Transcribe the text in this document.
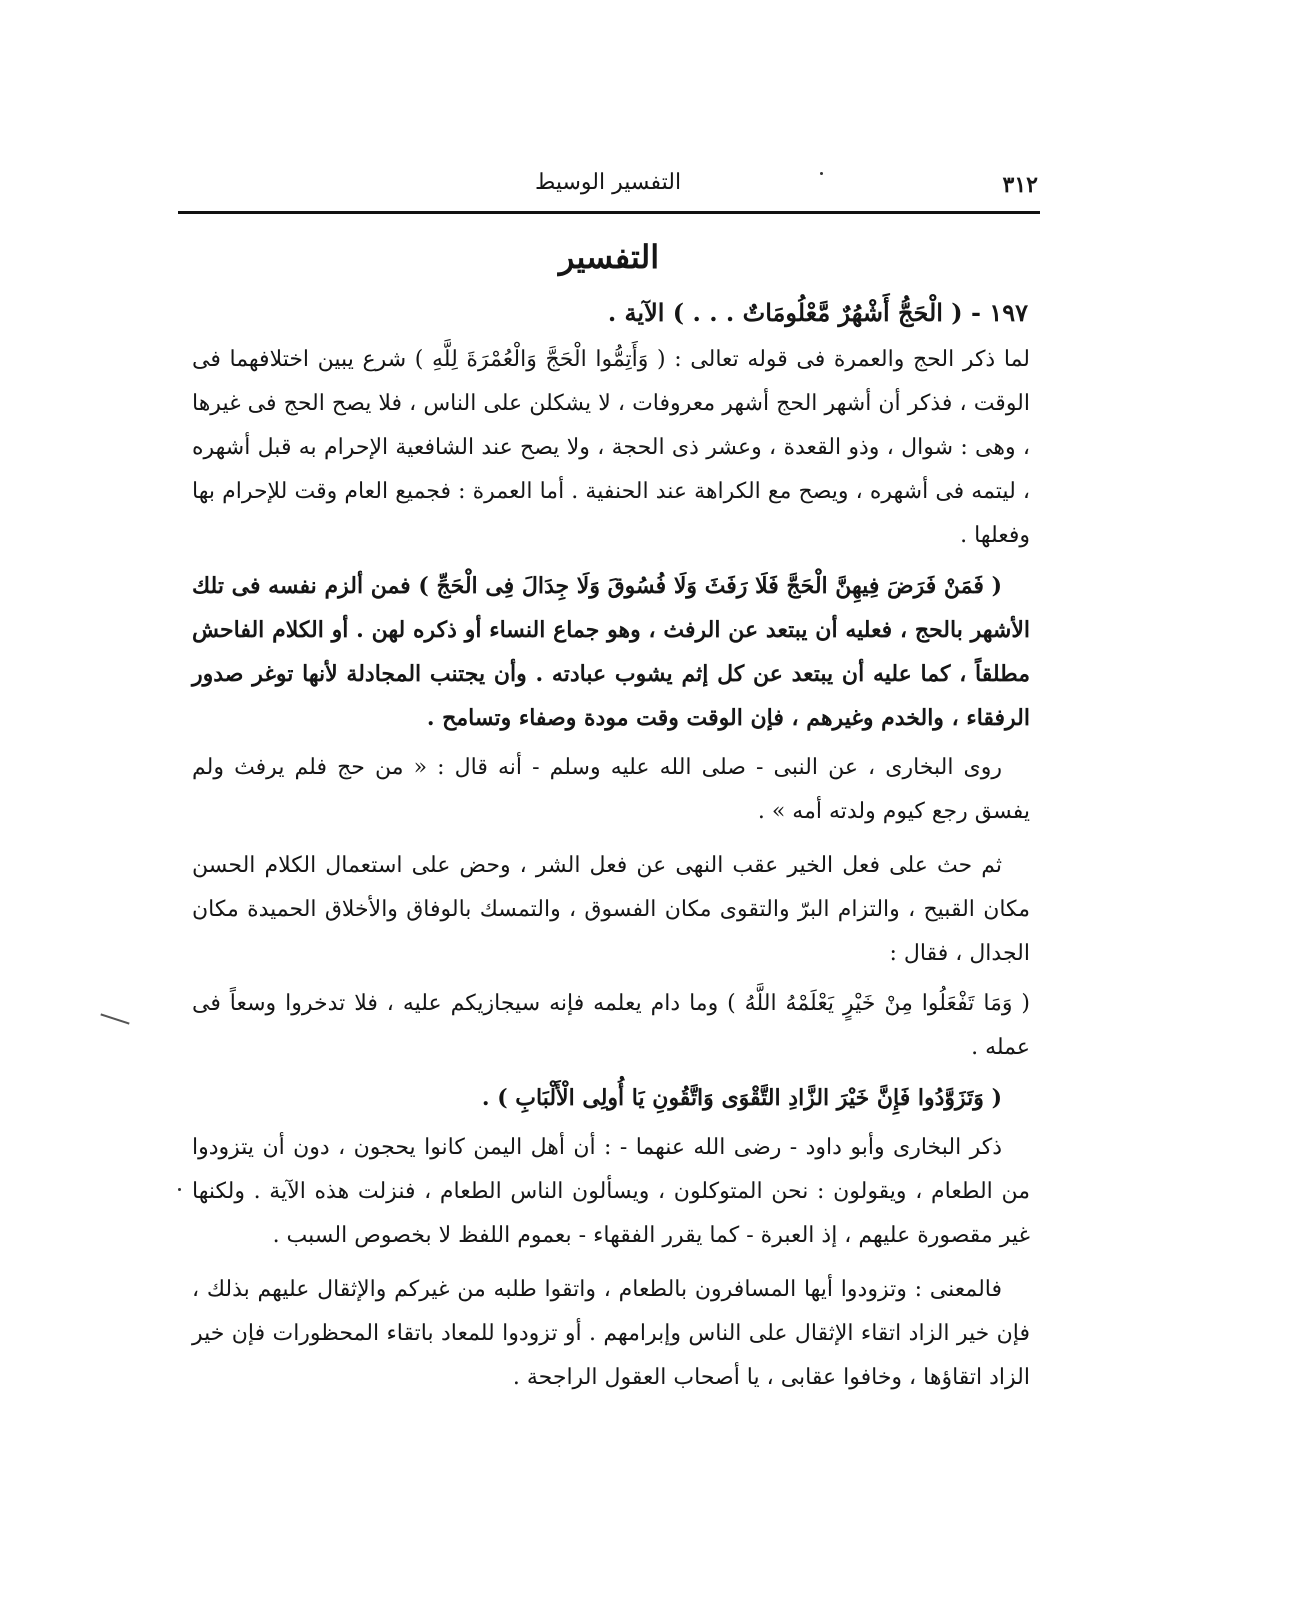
٣١٢
التفسير الوسيط
التفسير
١٩٧ - ( الْحَجُّ أَشْهُرٌ مَّعْلُومَاتٌ . . . ) الآية .

لما ذكر الحج والعمرة فى قوله تعالى : ( وَأَتِمُّوا الْحَجَّ وَالْعُمْرَةَ لِلَّهِ ) شرع يبين اختلافهما فى الوقت ، فذكر أن أشهر الحج أشهر معروفات ، لا يشكلن على الناس ، فلا يصح الحج فى غيرها ، وهى : شوال ، وذو القعدة ، وعشر ذى الحجة ، ولا يصح عند الشافعية الإحرام به قبل أشهره ، ليتمه فى أشهره ، ويصح مع الكراهة عند الحنفية . أما العمرة : فجميع العام وقت للإحرام بها وفعلها .

( فَمَنْ فَرَضَ فِيهِنَّ الْحَجَّ فَلَا رَفَثَ وَلَا فُسُوقَ وَلَا جِدَالَ فِى الْحَجِّ ) فمن ألزم نفسه فى تلك الأشهر بالحج ، فعليه أن يبتعد عن الرفث ، وهو جماع النساء أو ذكره لهن . أو الكلام الفاحش مطلقاً ، كما عليه أن يبتعد عن كل إثم يشوب عبادته . وأن يجتنب المجادلة لأنها توغر صدور الرفقاء ، والخدم وغيرهم ، فإن الوقت وقت مودة وصفاء وتسامح .

روى البخارى ، عن النبى - صلى الله عليه وسلم - أنه قال : « من حج فلم يرفث ولم يفسق رجع كيوم ولدته أمه » .

ثم حث على فعل الخير عقب النهى عن فعل الشر ، وحض على استعمال الكلام الحسن مكان القبيح ، والتزام البرّ والتقوى مكان الفسوق ، والتمسك بالوفاق والأخلاق الحميدة مكان الجدال ، فقال :

( وَمَا تَفْعَلُوا مِنْ خَيْرٍ يَعْلَمْهُ اللَّهُ ) وما دام يعلمه فإنه سيجازيكم عليه ، فلا تدخروا وسعاً فى عمله .

( وَتَزَوَّدُوا فَإِنَّ خَيْرَ الزَّادِ التَّقْوَى وَاتَّقُونِ يَا أُولِى الْأَلْبَابِ ) .

ذكر البخارى وأبو داود - رضى الله عنهما - : أن أهل اليمن كانوا يحجون ، دون أن يتزودوا من الطعام ، ويقولون : نحن المتوكلون ، ويسألون الناس الطعام ، فنزلت هذه الآية . ولكنها غير مقصورة عليهم ، إذ العبرة - كما يقرر الفقهاء - بعموم اللفظ لا بخصوص السبب .

فالمعنى : وتزودوا أيها المسافرون بالطعام ، واتقوا طلبه من غيركم والإثقال عليهم بذلك ، فإن خير الزاد اتقاء الإثقال على الناس وإبرامهم . أو تزودوا للمعاد باتقاء المحظورات فإن خير الزاد اتقاؤها ، وخافوا عقابى ، يا أصحاب العقول الراجحة .
